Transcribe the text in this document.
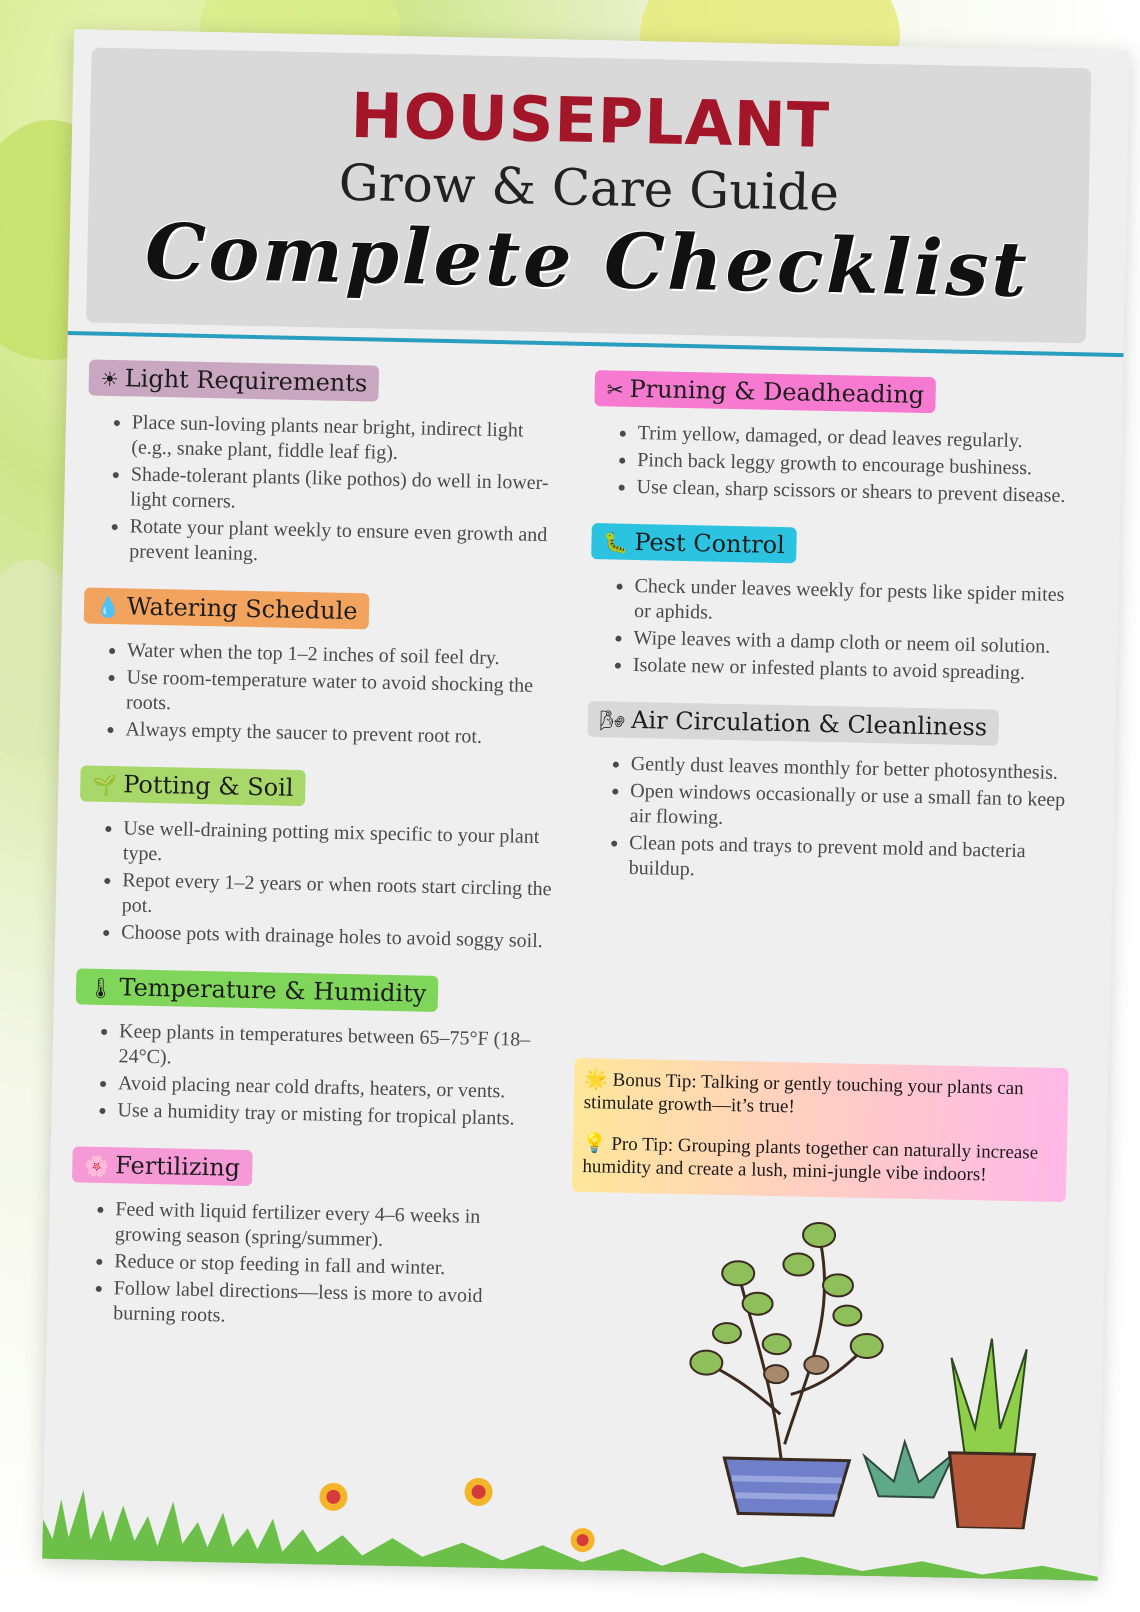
HOUSEPLANT
Grow & Care Guide
Complete Checklist
☀ Light Requirements
• Place sun-loving plants near bright, indirect light (e.g., snake plant, fiddle leaf fig).
• Shade-tolerant plants (like pothos) do well in lower-light corners.
• Rotate your plant weekly to ensure even growth and prevent leaning.
💧 Watering Schedule
• Water when the top 1–2 inches of soil feel dry.
• Use room-temperature water to avoid shocking the roots.
• Always empty the saucer to prevent root rot.
🌱 Potting & Soil
• Use well-draining potting mix specific to your plant type.
• Repot every 1–2 years or when roots start circling the pot.
• Choose pots with drainage holes to avoid soggy soil.
🌡 Temperature & Humidity
• Keep plants in temperatures between 65–75°F (18–24°C).
• Avoid placing near cold drafts, heaters, or vents.
• Use a humidity tray or misting for tropical plants.
🌸 Fertilizing
• Feed with liquid fertilizer every 4–6 weeks in growing season (spring/summer).
• Reduce or stop feeding in fall and winter.
• Follow label directions—less is more to avoid burning roots.
✂ Pruning & Deadheading
• Trim yellow, damaged, or dead leaves regularly.
• Pinch back leggy growth to encourage bushiness.
• Use clean, sharp scissors or shears to prevent disease.
🐛 Pest Control
• Check under leaves weekly for pests like spider mites or aphids.
• Wipe leaves with a damp cloth or neem oil solution.
• Isolate new or infested plants to avoid spreading.
🌬 Air Circulation & Cleanliness
• Gently dust leaves monthly for better photosynthesis.
• Open windows occasionally or use a small fan to keep air flowing.
• Clean pots and trays to prevent mold and bacteria buildup.

🌟 Bonus Tip: Talking or gently touching your plants can stimulate growth—it’s true!

💡 Pro Tip: Grouping plants together can naturally increase humidity and create a lush, mini-jungle vibe indoors!
